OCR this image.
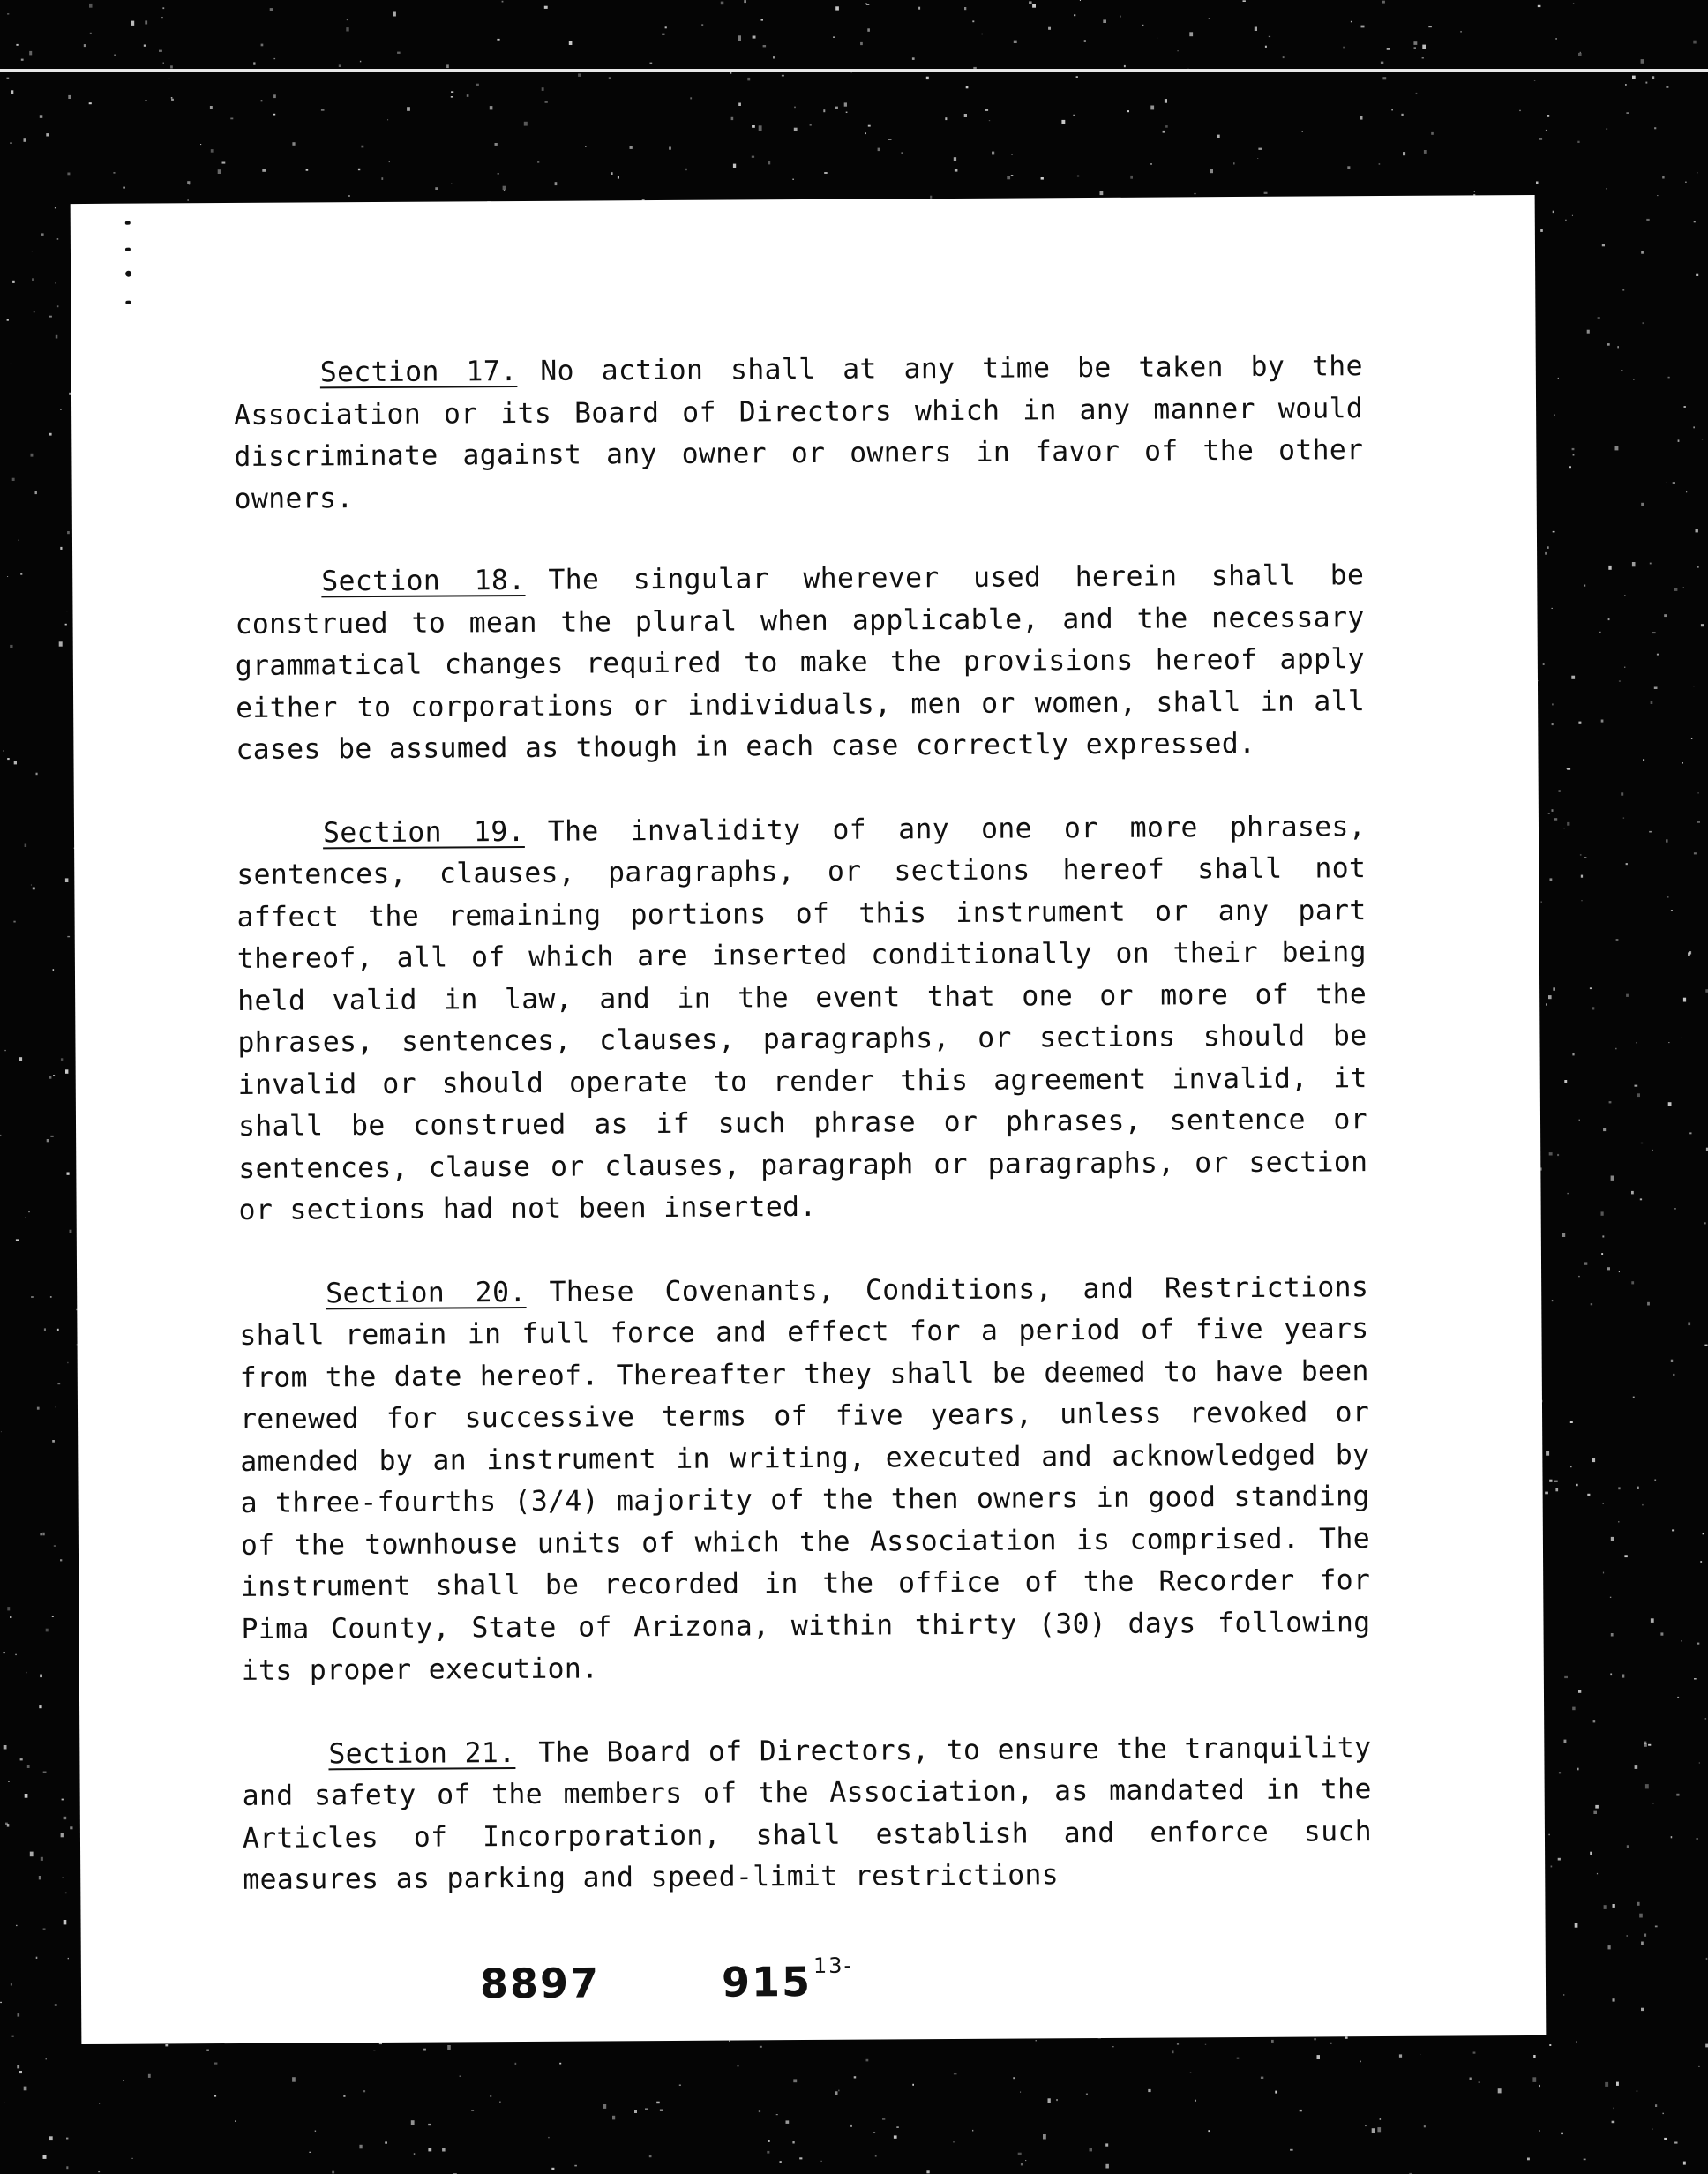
Section 17. No action shall at any time be taken by the Association or its Board of Directors which in any manner would discriminate against any owner or owners in favor of the other owners.

Section 18. The singular wherever used herein shall be construed to mean the plural when applicable, and the necessary grammatical changes required to make the provisions hereof apply either to corporations or individuals, men or women, shall in all cases be assumed as though in each case correctly expressed.

Section 19. The invalidity of any one or more phrases, sentences, clauses, paragraphs, or sections hereof shall not affect the remaining portions of this instrument or any part thereof, all of which are inserted conditionally on their being held valid in law, and in the event that one or more of the phrases, sentences, clauses, paragraphs, or sections should be invalid or should operate to render this agreement invalid, it shall be construed as if such phrase or phrases, sentence or sentences, clause or clauses, paragraph or paragraphs, or section or sections had not been inserted.

Section 20. These Covenants, Conditions, and Restrictions shall remain in full force and effect for a period of five years from the date hereof. Thereafter they shall be deemed to have been renewed for successive terms of five years, unless revoked or amended by an instrument in writing, executed and acknowledged by a three-fourths (3/4) majority of the then owners in good standing of the townhouse units of which the Association is comprised. The instrument shall be recorded in the office of the Recorder for Pima County, State of Arizona, within thirty (30) days following its proper execution.

Section 21. The Board of Directors, to ensure the tranquility and safety of the members of the Association, as mandated in the Articles of Incorporation, shall establish and enforce such measures as parking and speed-limit restrictions

8897	$915^{13-}$
